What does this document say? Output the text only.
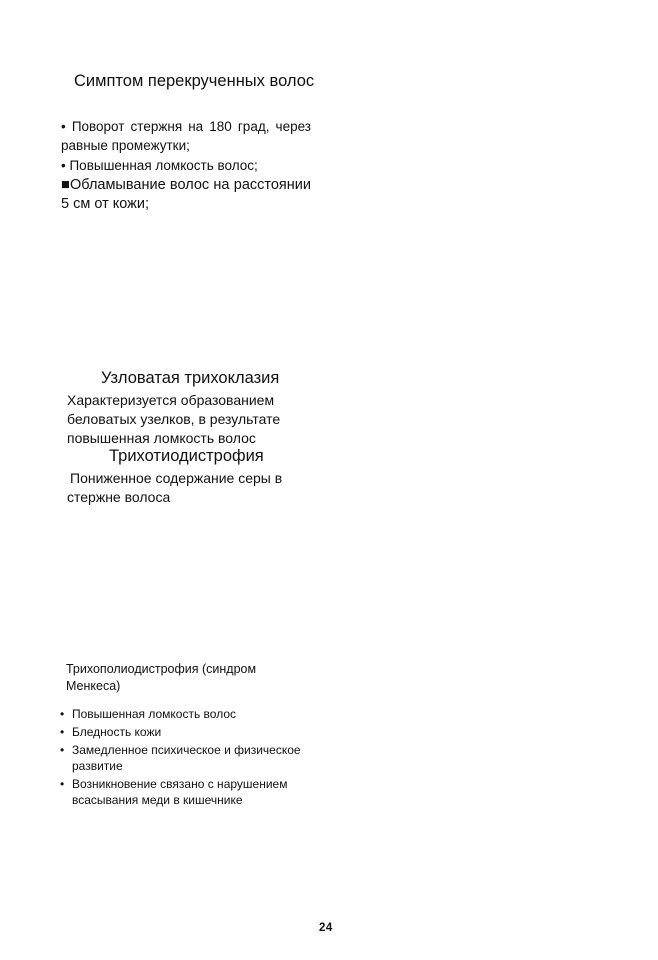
Симптом перекрученных волос
• Поворот стержня на 180 град, через равные промежутки;
• Повышенная ломкость волос;
■Обламывание волос на расстоянии 5 см от кожи;
Узловатая трихоклазия

Характеризуется образованием беловатых узелков, в результате повышенная ломкость волос

Трихотиодистрофия

Пониженное содержание серы в стержне волоса

Трихополиодистрофия (синдром Менкеса)
• Повышенная ломкость волос
• Бледность кожи
• Замедленное психическое и физическое развитие
• Возникновение связано с нарушением всасывания меди в кишечнике
24
